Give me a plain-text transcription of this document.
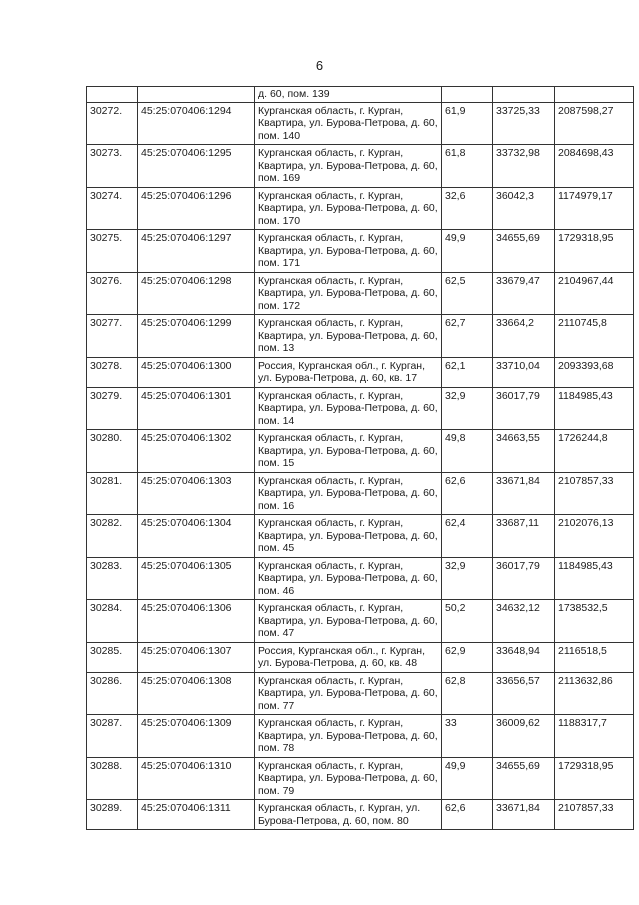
6
		д. 60, пом. 139			
30272.	45:25:070406:1294	Курганская область, г. Курган, Квартира, ул. Бурова-Петрова, д. 60, пом. 140	61,9	33725,33	2087598,27
30273.	45:25:070406:1295	Курганская область, г. Курган, Квартира, ул. Бурова-Петрова, д. 60, пом. 169	61,8	33732,98	2084698,43
30274.	45:25:070406:1296	Курганская область, г. Курган, Квартира, ул. Бурова-Петрова, д. 60, пом. 170	32,6	36042,3	1174979,17
30275.	45:25:070406:1297	Курганская область, г. Курган, Квартира, ул. Бурова-Петрова, д. 60, пом. 171	49,9	34655,69	1729318,95
30276.	45:25:070406:1298	Курганская область, г. Курган, Квартира, ул. Бурова-Петрова, д. 60, пом. 172	62,5	33679,47	2104967,44
30277.	45:25:070406:1299	Курганская область, г. Курган, Квартира, ул. Бурова-Петрова, д. 60, пом. 13	62,7	33664,2	2110745,8
30278.	45:25:070406:1300	Россия, Курганская обл., г. Курган, ул. Бурова-Петрова, д. 60, кв. 17	62,1	33710,04	2093393,68
30279.	45:25:070406:1301	Курганская область, г. Курган, Квартира, ул. Бурова-Петрова, д. 60, пом. 14	32,9	36017,79	1184985,43
30280.	45:25:070406:1302	Курганская область, г. Курган, Квартира, ул. Бурова-Петрова, д. 60, пом. 15	49,8	34663,55	1726244,8
30281.	45:25:070406:1303	Курганская область, г. Курган, Квартира, ул. Бурова-Петрова, д. 60, пом. 16	62,6	33671,84	2107857,33
30282.	45:25:070406:1304	Курганская область, г. Курган, Квартира, ул. Бурова-Петрова, д. 60, пом. 45	62,4	33687,11	2102076,13
30283.	45:25:070406:1305	Курганская область, г. Курган, Квартира, ул. Бурова-Петрова, д. 60, пом. 46	32,9	36017,79	1184985,43
30284.	45:25:070406:1306	Курганская область, г. Курган, Квартира, ул. Бурова-Петрова, д. 60, пом. 47	50,2	34632,12	1738532,5
30285.	45:25:070406:1307	Россия, Курганская обл., г. Курган, ул. Бурова-Петрова, д. 60, кв. 48	62,9	33648,94	2116518,5
30286.	45:25:070406:1308	Курганская область, г. Курган, Квартира, ул. Бурова-Петрова, д. 60, пом. 77	62,8	33656,57	2113632,86
30287.	45:25:070406:1309	Курганская область, г. Курган, Квартира, ул. Бурова-Петрова, д. 60, пом. 78	33	36009,62	1188317,7
30288.	45:25:070406:1310	Курганская область, г. Курган, Квартира, ул. Бурова-Петрова, д. 60, пом. 79	49,9	34655,69	1729318,95
30289.	45:25:070406:1311	Курганская область, г. Курган, ул. Бурова-Петрова, д. 60, пом. 80	62,6	33671,84	2107857,33
